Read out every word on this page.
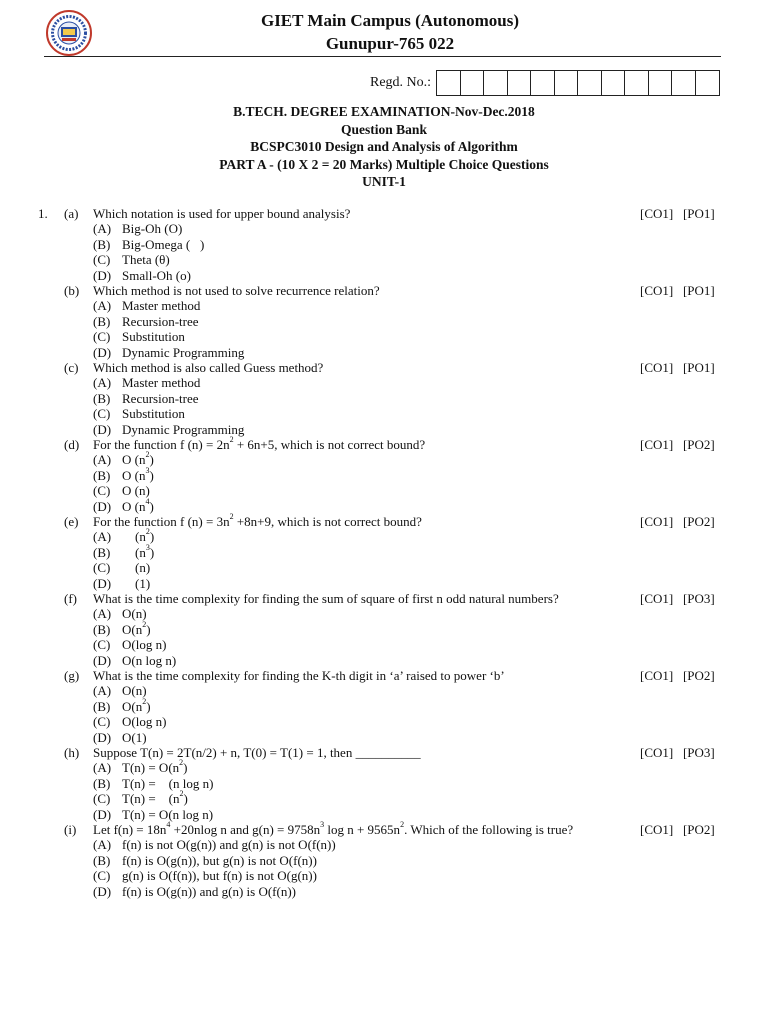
GIET Main Campus (Autonomous)
Gunupur-765 022
Regd. No.:
B.TECH. DEGREE EXAMINATION-Nov-Dec.2018
Question Bank
BCSPC3010 Design and Analysis of Algorithm
PART A - (10 X 2 = 20 Marks) Multiple Choice Questions
UNIT-1
1. (a) Which notation is used for upper bound analysis?	[CO1]   [PO1]
(A) Big-Oh (O)
(B) Big-Omega (   )
(C) Theta (θ)
(D) Small-Oh (o)
(b) Which method is not used to solve recurrence relation?	[CO1]   [PO1]
(A) Master method
(B) Recursion-tree
(C) Substitution
(D) Dynamic Programming
(c) Which method is also called Guess method?	[CO1]   [PO1]
(A) Master method
(B) Recursion-tree
(C) Substitution
(D) Dynamic Programming
(d) For the function f $(n) = 2n^2 + 6n+5$, which is not correct bound?	[CO1]   [PO2]
(A) O $(n^2)$
(B) O $(n^3)$
(C) O (n)
(D) O $(n^4)$
(e) For the function f $(n) = 3n^2 +8n+9$, which is not correct bound?	[CO1]   [PO2]
(A)    $(n^2)$
(B)    $(n^3)$
(C)    (n)
(D)    (1)
(f) What is the time complexity for finding the sum of square of first n odd natural numbers?	[CO1]   [PO3]
(A) O(n)
(B) $O(n^2)$
(C) O(log n)
(D) O(n log n)
(g) What is the time complexity for finding the K-th digit in ‘a’ raised to power ‘b’	[CO1]   [PO2]
(A) O(n)
(B) $O(n^2)$
(C) O(log n)
(D) O(1)
(h) Suppose T(n) = 2T(n/2) + n, T(0) = T(1) = 1, then __________	[CO1]   [PO3]
(A) $T(n) = O(n^2)$
(B) T(n) =    (n log n)
(C) T(n) =    $(n^2)$
(D) T(n) = O(n log n)
(i) Let $f(n) = 18n^4 +20nlog$ n and $g(n) = 9758n^3$ $\log n + 9565n^2$. Which of the following is true?	[CO1]   [PO2]
(A) f(n) is not O(g(n)) and g(n) is not O(f(n))
(B) f(n) is O(g(n)), but g(n) is not O(f(n))
(C) g(n) is O(f(n)), but f(n) is not O(g(n))
(D) f(n) is O(g(n)) and g(n) is O(f(n))
